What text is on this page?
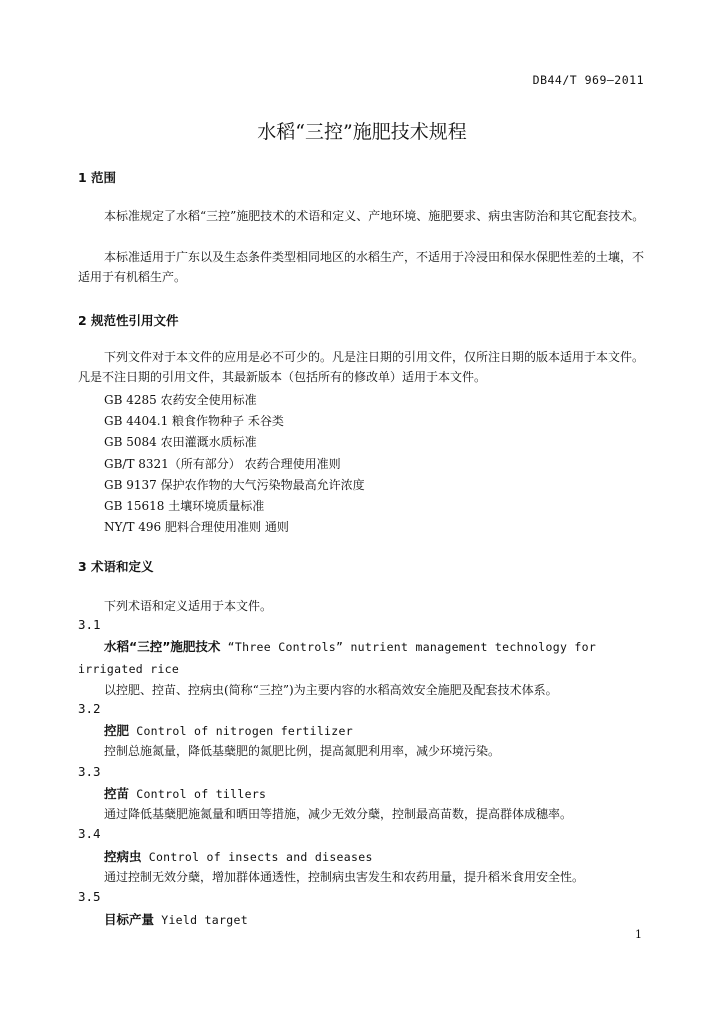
DB44/T 969—2011
水稻“三控”施肥技术规程
1 范围
本标准规定了水稻“三控”施肥技术的术语和定义、产地环境、施肥要求、病虫害防治和其它配套技术。
本标准适用于广东以及生态条件类型相同地区的水稻生产，不适用于冷浸田和保水保肥性差的土壤，不适用于有机稻生产。
2 规范性引用文件
下列文件对于本文件的应用是必不可少的。凡是注日期的引用文件，仅所注日期的版本适用于本文件。凡是不注日期的引用文件，其最新版本（包括所有的修改单）适用于本文件。
GB 4285 农药安全使用标准
GB 4404.1 粮食作物种子 禾谷类
GB 5084 农田灌溉水质标准
GB/T 8321（所有部分） 农药合理使用准则
GB 9137 保护农作物的大气污染物最高允许浓度
GB 15618 土壤环境质量标准
NY/T 496 肥料合理使用准则 通则
3 术语和定义
下列术语和定义适用于本文件。
3.1
水稻“三控”施肥技术 “Three Controls” nutrient management technology for irrigated rice
以控肥、控苗、控病虫(简称“三控”)为主要内容的水稻高效安全施肥及配套技术体系。
3.2
控肥 Control of nitrogen fertilizer
控制总施氮量，降低基蘖肥的氮肥比例，提高氮肥利用率，减少环境污染。
3.3
控苗 Control of tillers
通过降低基蘖肥施氮量和晒田等措施，减少无效分蘖，控制最高苗数，提高群体成穗率。
3.4
控病虫 Control of insects and diseases
通过控制无效分蘖，增加群体通透性，控制病虫害发生和农药用量，提升稻米食用安全性。
3.5
目标产量 Yield target
1
